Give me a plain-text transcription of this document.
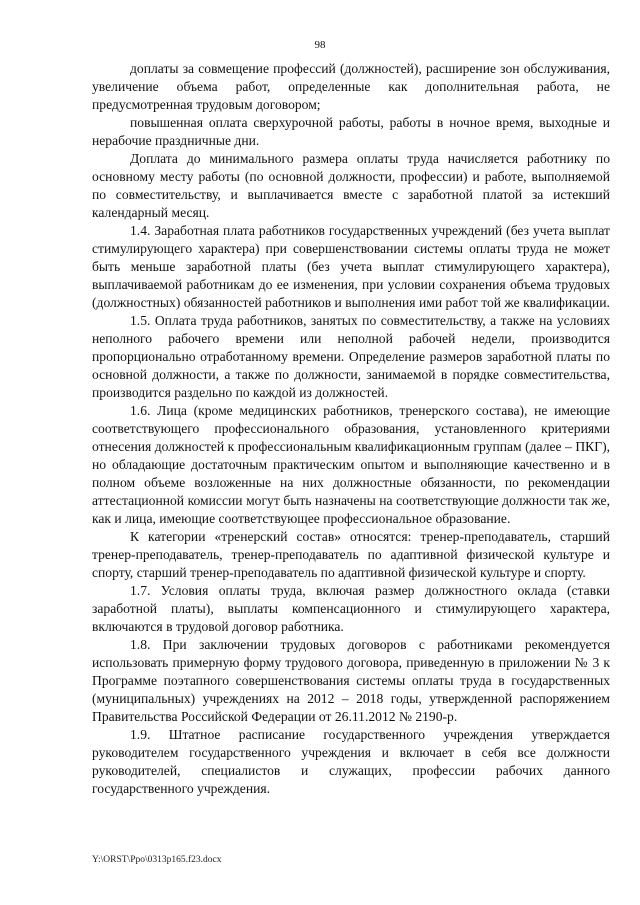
98

доплаты за совмещение профессий (должностей), расширение зон обслуживания, увеличение объема работ, определенные как дополнительная работа, не предусмотренная трудовым договором;

повышенная оплата сверхурочной работы, работы в ночное время, выходные и нерабочие праздничные дни.

Доплата до минимального размера оплаты труда начисляется работнику по основному месту работы (по основной должности, профессии) и работе, выполняемой по совместительству, и выплачивается вместе с заработной платой за истекший календарный месяц.

1.4. Заработная плата работников государственных учреждений (без учета выплат стимулирующего характера) при совершенствовании системы оплаты труда не может быть меньше заработной платы (без учета выплат стимулирующего характера), выплачиваемой работникам до ее изменения, при условии сохранения объема трудовых (должностных) обязанностей работников и выполнения ими работ той же квалификации.

1.5. Оплата труда работников, занятых по совместительству, а также на условиях неполного рабочего времени или неполной рабочей недели, производится пропорционально отработанному времени. Определение размеров заработной платы по основной должности, а также по должности, занимаемой в порядке совместительства, производится раздельно по каждой из должностей.

1.6. Лица (кроме медицинских работников, тренерского состава), не имеющие соответствующего профессионального образования, установленного критериями отнесения должностей к профессиональным квалификационным группам (далее – ПКГ), но обладающие достаточным практическим опытом и выполняющие качественно и в полном объеме возложенные на них должностные обязанности, по рекомендации аттестационной комиссии могут быть назначены на соответствующие должности так же, как и лица, имеющие соответствующее профессиональное образование.

К категории «тренерский состав» относятся: тренер-преподаватель, старший тренер-преподаватель, тренер-преподаватель по адаптивной физической культуре и спорту, старший тренер-преподаватель по адаптивной физической культуре и спорту.

1.7. Условия оплаты труда, включая размер должностного оклада (ставки заработной платы), выплаты компенсационного и стимулирующего характера, включаются в трудовой договор работника.

1.8. При заключении трудовых договоров с работниками рекомендуется использовать примерную форму трудового договора, приведенную в приложении № 3 к Программе поэтапного совершенствования системы оплаты труда в государственных (муниципальных) учреждениях на 2012 – 2018 годы, утвержденной распоряжением Правительства Российской Федерации от 26.11.2012 № 2190-р.

1.9. Штатное расписание государственного учреждения утверждается руководителем государственного учреждения и включает в себя все должности руководителей, специалистов и служащих, профессии рабочих данного государственного учреждения.

Y:\ORST\Ppo\0313p165.f23.docx
